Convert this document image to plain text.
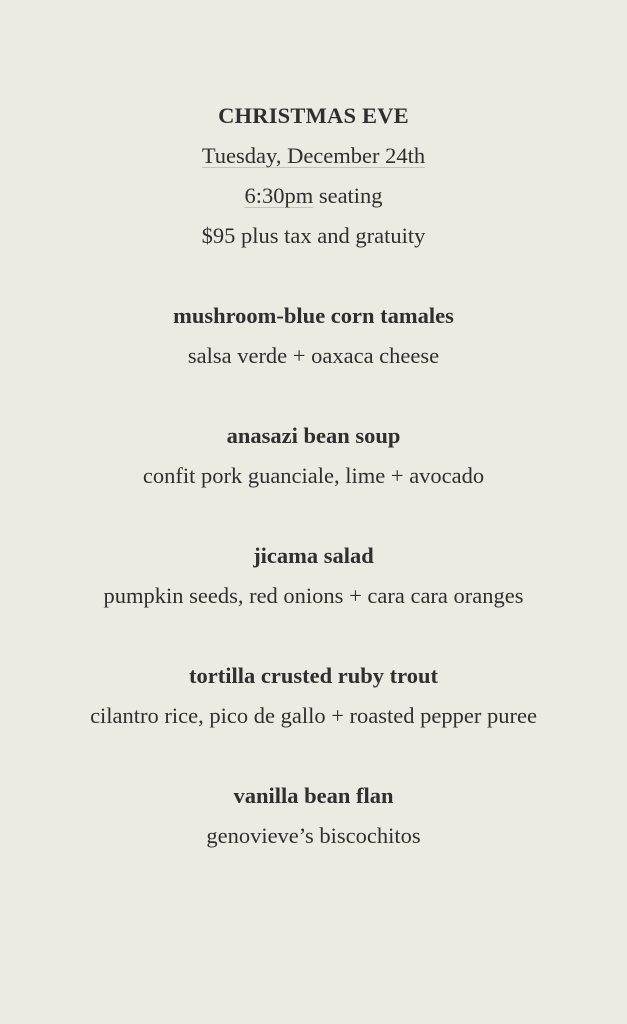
CHRISTMAS EVE
Tuesday, December 24th
6:30pm seating
$95 plus tax and gratuity
mushroom-blue corn tamales
salsa verde + oaxaca cheese
anasazi bean soup
confit pork guanciale, lime + avocado
jicama salad
pumpkin seeds, red onions + cara cara oranges
tortilla crusted ruby trout
cilantro rice, pico de gallo + roasted pepper puree
vanilla bean flan
genovieve’s biscochitos
